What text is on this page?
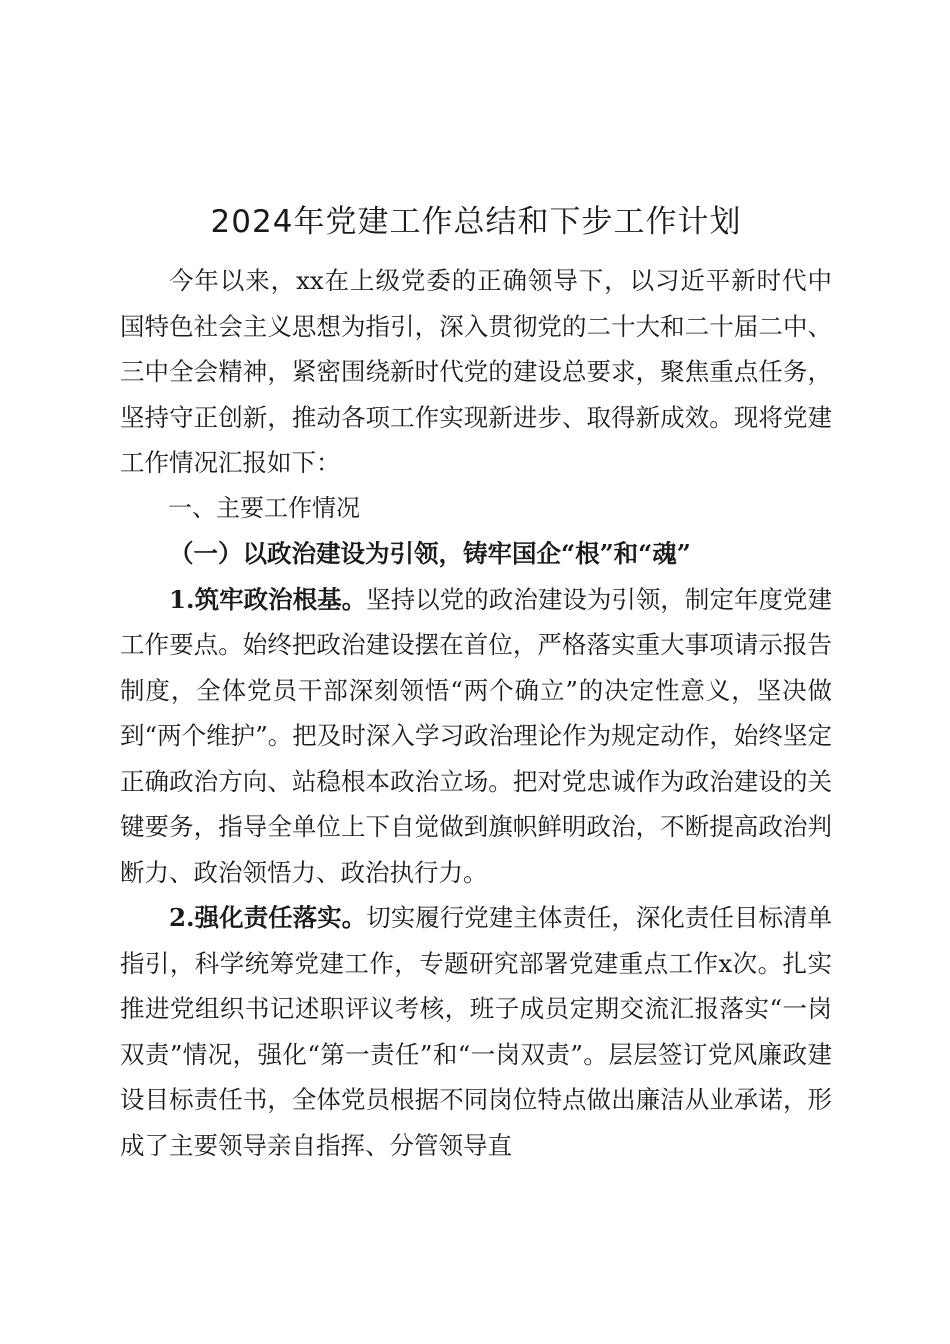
2024年党建工作总结和下步工作计划

今年以来，xx在上级党委的正确领导下，以习近平新时代中国特色社会主义思想为指引，深入贯彻党的二十大和二十届二中、三中全会精神，紧密围绕新时代党的建设总要求，聚焦重点任务，坚持守正创新，推动各项工作实现新进步、取得新成效。现将党建工作情况汇报如下：

一、主要工作情况

（一）以政治建设为引领，铸牢国企“根”和“魂”

1.筑牢政治根基。坚持以党的政治建设为引领，制定年度党建工作要点。始终把政治建设摆在首位，严格落实重大事项请示报告制度，全体党员干部深刻领悟“两个确立”的决定性意义，坚决做到“两个维护”。把及时深入学习政治理论作为规定动作，始终坚定正确政治方向、站稳根本政治立场。把对党忠诚作为政治建设的关键要务，指导全单位上下自觉做到旗帜鲜明政治，不断提高政治判断力、政治领悟力、政治执行力。

2.强化责任落实。切实履行党建主体责任，深化责任目标清单指引，科学统筹党建工作，专题研究部署党建重点工作x次。扎实推进党组织书记述职评议考核，班子成员定期交流汇报落实“一岗双责”情况，强化“第一责任”和“一岗双责”。层层签订党风廉政建设目标责任书，全体党员根据不同岗位特点做出廉洁从业承诺，形成了主要领导亲自指挥、分管领导直
